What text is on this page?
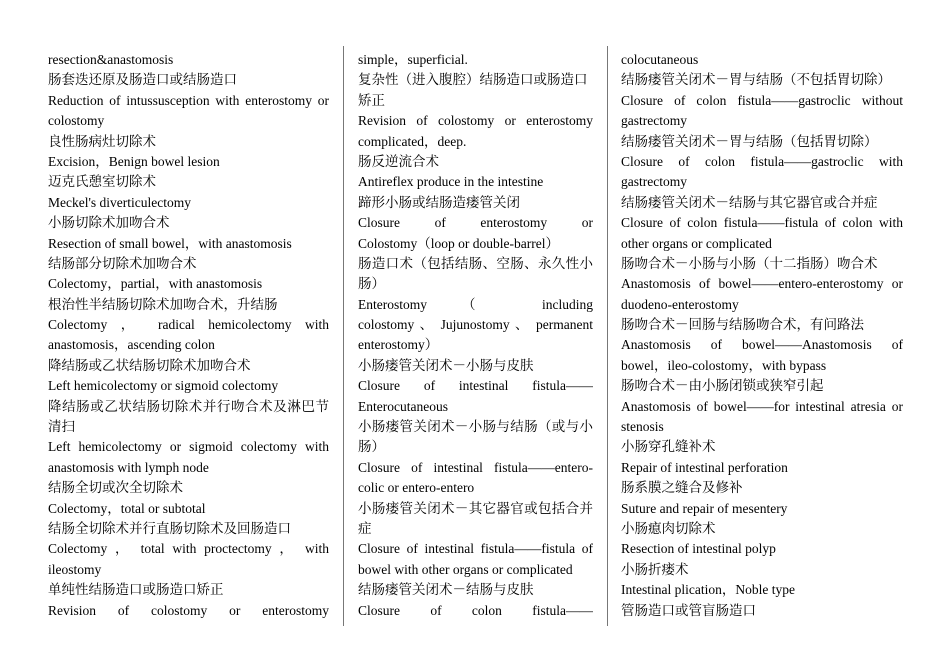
resection&anastomosis
肠套迭还原及肠造口或结肠造口
Reduction of intussusception with enterostomy or
colostomy
良性肠病灶切除术
Excision，Benign bowel lesion
迈克氏憩室切除术
Meckel's diverticulectomy
小肠切除术加吻合术
Resection of small bowel，with anastomosis
结肠部分切除术加吻合术
Colectomy，partial，with anastomosis
根治性半结肠切除术加吻合术，升结肠
Colectomy ， radical hemicolectomy with
anastomosis，ascending colon
降结肠或乙状结肠切除术加吻合术
Left hemicolectomy or sigmoid colectomy
降结肠或乙状结肠切除术并行吻合术及淋巴节
清扫
Left hemicolectomy or sigmoid colectomy with
anastomosis with lymph node
结肠全切或次全切除术
Colectomy，total or subtotal
结肠全切除术并行直肠切除术及回肠造口
Colectomy ， total with proctectomy ， with
ileostomy
单纯性结肠造口或肠造口矫正
Revision of colostomy or enterostomy
simple，superficial.
复杂性（进入腹腔）结肠造口或肠造口
矫正
Revision of colostomy or enterostomy
complicated，deep.
肠反逆流合术
Antireflex produce in the intestine
蹄形小肠或结肠造瘘管关闭
Closure of enterostomy or
Colostomy（loop or double-barrel）
肠造口术（包括结肠、空肠、永久性小
肠）
Enterostomy （ including
colostomy 、 Jujunostomy 、 permanent
enterostomy）
小肠瘘管关闭术－小肠与皮肤
Closure of intestinal fistula——
Enterocutaneous
小肠瘘管关闭术－小肠与结肠（或与小
肠）
Closure of intestinal fistula——entero-
colic or entero-entero
小肠瘘管关闭术－其它器官或包括合并
症
Closure of intestinal fistula——fistula of
bowel with other organs or complicated
结肠瘘管关闭术－结肠与皮肤
Closure of colon fistula——
colocutaneous
结肠瘘管关闭术－胃与结肠（不包括胃切除）
Closure of colon fistula——gastroclic without
gastrectomy
结肠瘘管关闭术－胃与结肠（包括胃切除）
Closure of colon fistula——gastroclic with
gastrectomy
结肠瘘管关闭术－结肠与其它器官或合并症
Closure of colon fistula——fistula of colon with
other organs or complicated
肠吻合术－小肠与小肠（十二指肠）吻合术
Anastomosis of bowel——entero-enterostomy or
duodeno-enterostomy
肠吻合术－回肠与结肠吻合术，有问路法
Anastomosis of bowel——Anastomosis of
bowel，ileo-colostomy，with bypass
肠吻合术－由小肠闭锁或狭窄引起
Anastomosis of bowel——for intestinal atresia or
stenosis
小肠穿孔缝补术
Repair of intestinal perforation
肠系膜之缝合及修补
Suture and repair of mesentery
小肠瘜肉切除术
Resection of intestinal polyp
小肠折瘘术
Intestinal plication，Noble type
管肠造口或管盲肠造口
